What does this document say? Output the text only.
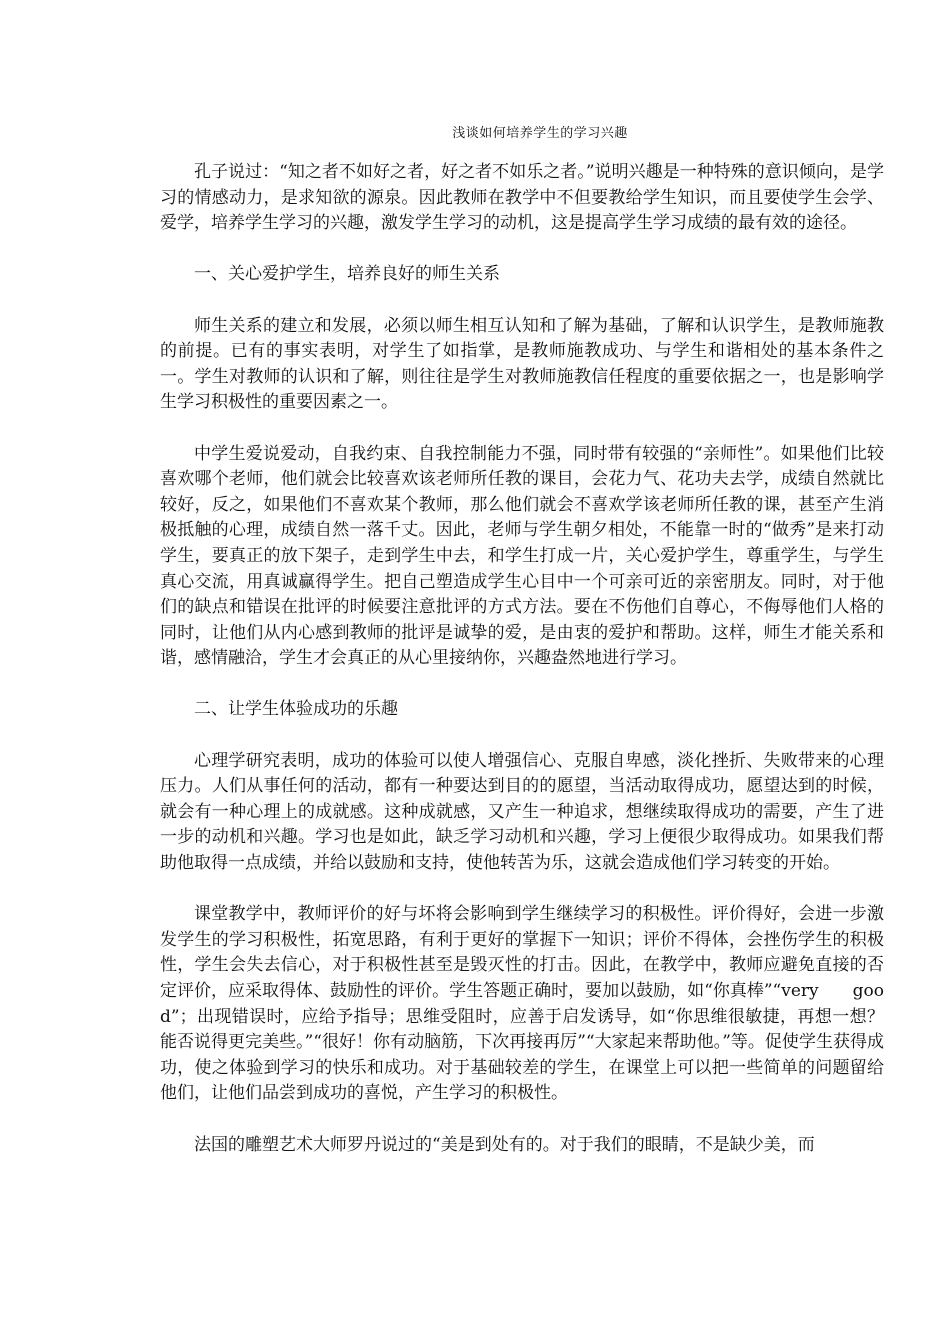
浅谈如何培养学生的学习兴趣

孔子说过：“知之者不如好之者，好之者不如乐之者。”说明兴趣是一种特殊的意识倾向，是学习的情感动力，是求知欲的源泉。因此教师在教学中不但要教给学生知识，而且要使学生会学、爱学，培养学生学习的兴趣，激发学生学习的动机，这是提高学生学习成绩的最有效的途径。

一、关心爱护学生，培养良好的师生关系

师生关系的建立和发展，必须以师生相互认知和了解为基础，了解和认识学生，是教师施教的前提。已有的事实表明，对学生了如指掌，是教师施教成功、与学生和谐相处的基本条件之一。学生对教师的认识和了解，则往往是学生对教师施教信任程度的重要依据之一，也是影响学生学习积极性的重要因素之一。

中学生爱说爱动，自我约束、自我控制能力不强，同时带有较强的“亲师性”。如果他们比较喜欢哪个老师，他们就会比较喜欢该老师所任教的课目，会花力气、花功夫去学，成绩自然就比较好，反之，如果他们不喜欢某个教师，那么他们就会不喜欢学该老师所任教的课，甚至产生消极抵触的心理，成绩自然一落千丈。因此，老师与学生朝夕相处，不能靠一时的“做秀”是来打动学生，要真正的放下架子，走到学生中去，和学生打成一片，关心爱护学生，尊重学生，与学生真心交流，用真诚赢得学生。把自己塑造成学生心目中一个可亲可近的亲密朋友。同时，对于他们的缺点和错误在批评的时候要注意批评的方式方法。要在不伤他们自尊心，不侮辱他们人格的同时，让他们从内心感到教师的批评是诚挚的爱，是由衷的爱护和帮助。这样，师生才能关系和谐，感情融洽，学生才会真正的从心里接纳你，兴趣盎然地进行学习。

二、让学生体验成功的乐趣

心理学研究表明，成功的体验可以使人增强信心、克服自卑感，淡化挫折、失败带来的心理压力。人们从事任何的活动，都有一种要达到目的的愿望，当活动取得成功，愿望达到的时候，就会有一种心理上的成就感。这种成就感，又产生一种追求，想继续取得成功的需要，产生了进一步的动机和兴趣。学习也是如此，缺乏学习动机和兴趣，学习上便很少取得成功。如果我们帮助他取得一点成绩，并给以鼓励和支持，使他转苦为乐，这就会造成他们学习转变的开始。

课堂教学中，教师评价的好与坏将会影响到学生继续学习的积极性。评价得好，会进一步激发学生的学习积极性，拓宽思路，有利于更好的掌握下一知识；评价不得体，会挫伤学生的积极性，学生会失去信心，对于积极性甚至是毁灭性的打击。因此，在教学中，教师应避免直接的否定评价，应采取得体、鼓励性的评价。学生答题正确时，要加以鼓励，如“你真棒”“very　　good”；出现错误时，应给予指导；思维受阻时，应善于启发诱导，如“你思维很敏捷，再想一想？能否说得更完美些。”“很好！你有动脑筋，下次再接再厉”“大家起来帮助他。”等。促使学生获得成功，使之体验到学习的快乐和成功。对于基础较差的学生，在课堂上可以把一些简单的问题留给他们，让他们品尝到成功的喜悦，产生学习的积极性。

法国的雕塑艺术大师罗丹说过的“美是到处有的。对于我们的眼睛，不是缺少美，而
